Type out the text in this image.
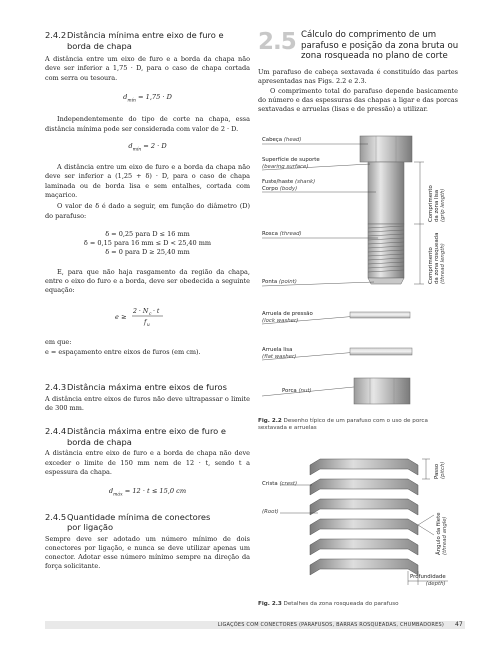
2.4.2Distância mínima entre eixo de furo e
borda de chapa

A distância entre um eixo de furo e a borda da chapa não deve ser inferior a 1,75 · D, para o caso de chapa cortada com serra ou tesoura.

$d_{mín} = 1,75 \cdot D$

Independentemente do tipo de corte na chapa, essa distância mínima pode ser considerada com valor de 2 · D.

$d_{mín} = 2 \cdot D$

A distância entre um eixo de furo e a borda da chapa não deve ser inferior a (1,25 + δ) · D, para o caso de chapa laminada ou de borda lisa e sem entalhes, cortada com maçarico.

O valor de δ é dado a seguir, em função do diâmetro (D) do parafuso:

δ = 0,25 para D ≤ 16 mm

δ = 0,15 para 16 mm ≤ D < 25,40 mm

δ = 0 para D ≥ 25,40 mm

E, para que não haja rasgamento da região da chapa, entre o eixo do furo e a borda, deve ser obedecida a seguinte equação:

e ≥
2 · N c · t
f u

em que:

e = espaçamento entre eixos de furos (em cm).

2.4.3Distância máxima entre eixos de furos

A distância entre eixos de furos não deve ultrapassar o limite de 300 mm.

2.4.4Distância máxima entre eixo de furo e
borda de chapa

A distância entre eixo de furo e a borda de chapa não deve exceder o limite de 150 mm nem de 12 · t, sendo t a espessura da chapa.

$d_{máx} = 12 \cdot t \le 15,0$ cm

2.4.5Quantidade mínima de conectores
por ligação

Sempre deve ser adotado um número mínimo de dois conectores por ligação, e nunca se deve utilizar apenas um conector. Adotar esse número mínimo sempre na direção da força solicitante.

2.5 Cálculo do comprimento de um parafuso e posição da zona bruta ou zona rosqueada no plano de corte

Um parafuso de cabeça sextavada é constituído das partes apresentadas nas Figs. 2.2 e 2.3.

O comprimento total do parafuso depende basicamente do número e das espessuras das chapas a ligar e das porcas sextavadas e arruelas (lisas e de pressão) a utilizar.

Cabeça (head)
Superfície de suporte
(bearing surface)
Fuste/haste (shank)
Corpo (body)
Rosca (thread)
Ponta (point)
Arruela de pressão
(lock washer)
Arruela lisa
(flat washer)
Porca (nut)
Comprimento
da zona lisa
(grip length)
Comprimento
da zona rosqueada
(thread length)
Fig. 2.2 Desenho típico de um parafuso com o uso de porca sextavada e arruelas
Crista (crest)
(Root)
Passo
(pitch)
Ângulo da filete
(thread angle)
Profundidade
(depth)
Fig. 2.3 Detalhes da zona rosqueada do parafuso
LIGAÇÕES COM CONECTORES (PARAFUSOS, BARRAS ROSQUEADAS, CHUMBADORES) 47
